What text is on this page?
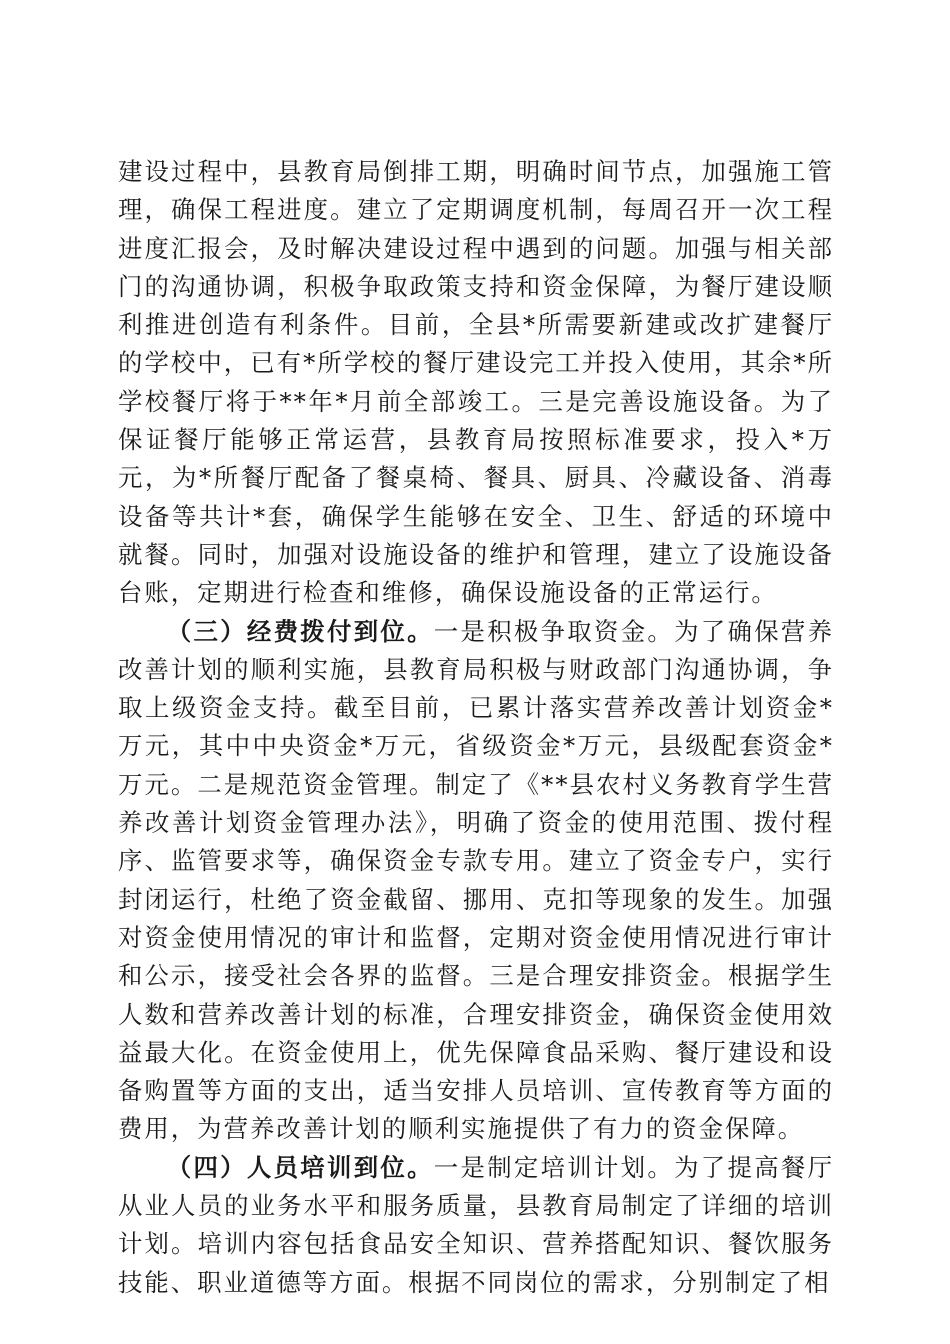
建设过程中，县教育局倒排工期，明确时间节点，加强施工管理，确保工程进度。建立了定期调度机制，每周召开一次工程进度汇报会，及时解决建设过程中遇到的问题。加强与相关部门的沟通协调，积极争取政策支持和资金保障，为餐厅建设顺利推进创造有利条件。目前，全县*所需要新建或改扩建餐厅的学校中，已有*所学校的餐厅建设完工并投入使用，其余*所学校餐厅将于**年*月前全部竣工。三是完善设施设备。为了保证餐厅能够正常运营，县教育局按照标准要求，投入*万元，为*所餐厅配备了餐桌椅、餐具、厨具、冷藏设备、消毒设备等共计*套，确保学生能够在安全、卫生、舒适的环境中就餐。同时，加强对设施设备的维护和管理，建立了设施设备台账，定期进行检查和维修，确保设施设备的正常运行。

（三）经费拨付到位。一是积极争取资金。为了确保营养改善计划的顺利实施，县教育局积极与财政部门沟通协调，争取上级资金支持。截至目前，已累计落实营养改善计划资金*万元，其中中央资金*万元，省级资金*万元，县级配套资金*万元。二是规范资金管理。制定了《**县农村义务教育学生营养改善计划资金管理办法》，明确了资金的使用范围、拨付程序、监管要求等，确保资金专款专用。建立了资金专户，实行封闭运行，杜绝了资金截留、挪用、克扣等现象的发生。加强对资金使用情况的审计和监督，定期对资金使用情况进行审计和公示，接受社会各界的监督。三是合理安排资金。根据学生人数和营养改善计划的标准，合理安排资金，确保资金使用效益最大化。在资金使用上，优先保障食品采购、餐厅建设和设备购置等方面的支出，适当安排人员培训、宣传教育等方面的费用，为营养改善计划的顺利实施提供了有力的资金保障。

（四）人员培训到位。一是制定培训计划。为了提高餐厅从业人员的业务水平和服务质量，县教育局制定了详细的培训计划。培训内容包括食品安全知识、营养搭配知识、餐饮服务技能、职业道德等方面。根据不同岗位的需求，分别制定了相
